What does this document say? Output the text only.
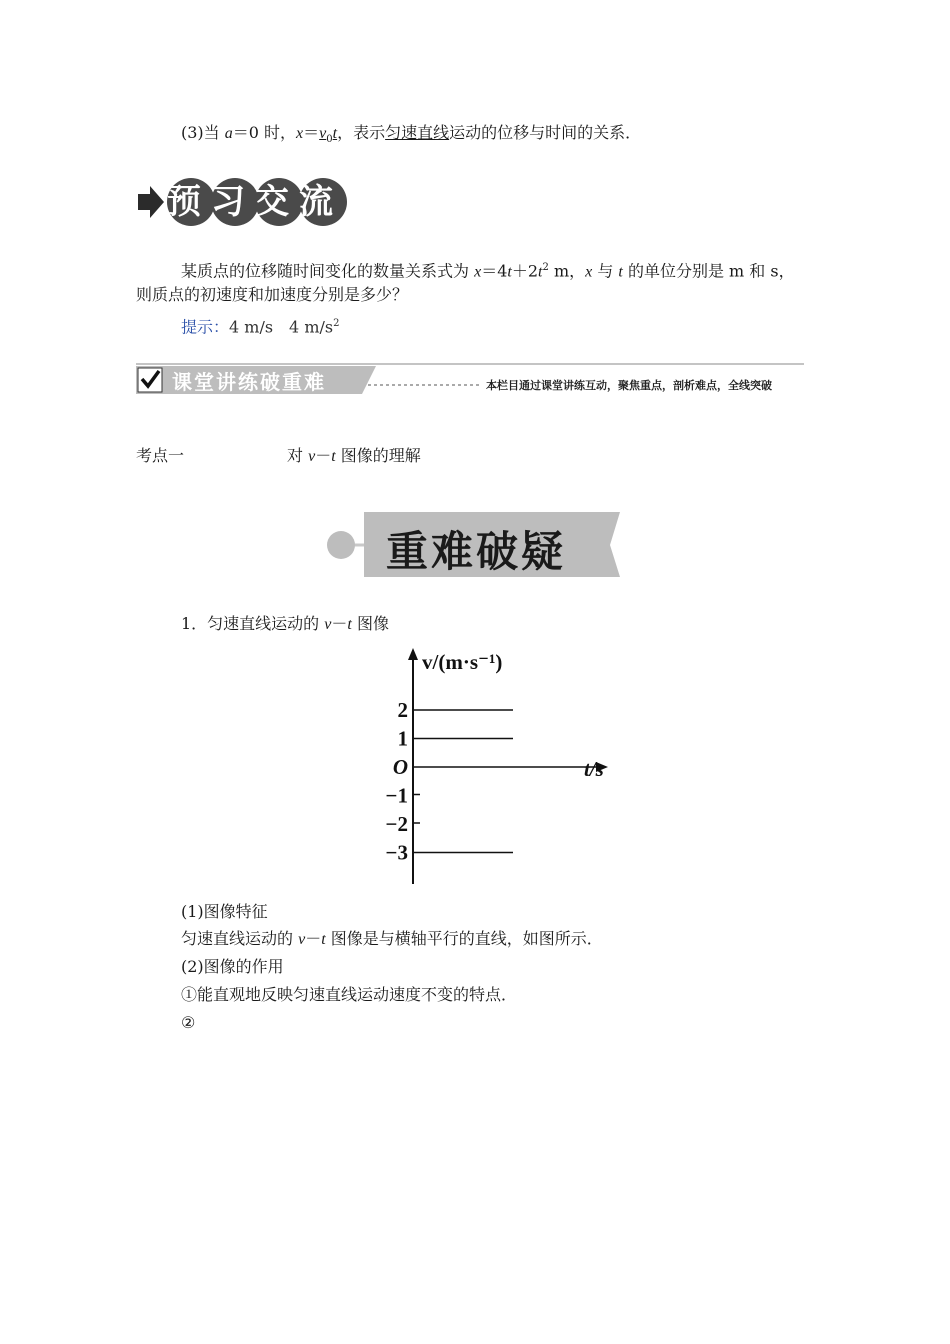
(3)当 a＝0 时，$x=v_0t$，表示匀速直线运动的位移与时间的关系．
预习交流
某质点的位移随时间变化的数量关系式为 $x=4t+2t^2$ m，x 与 t 的单位分别是 m 和 s，
则质点的初速度和加速度分别是多少？
提示：4 m/s　4 $m/s^2$
课堂讲练破重难	本栏目通过课堂讲练互动，聚焦重点，剖析难点，全线突破
考点一	对 v－t 图像的理解
重难破疑
1．匀速直线运动的 v－t 图像
v/(m·s⁻¹)
t/s
2
1
O
−1
−2
−3
(1)图像特征
匀速直线运动的 v－t 图像是与横轴平行的直线，如图所示．
(2)图像的作用
①能直观地反映匀速直线运动速度不变的特点．
②
